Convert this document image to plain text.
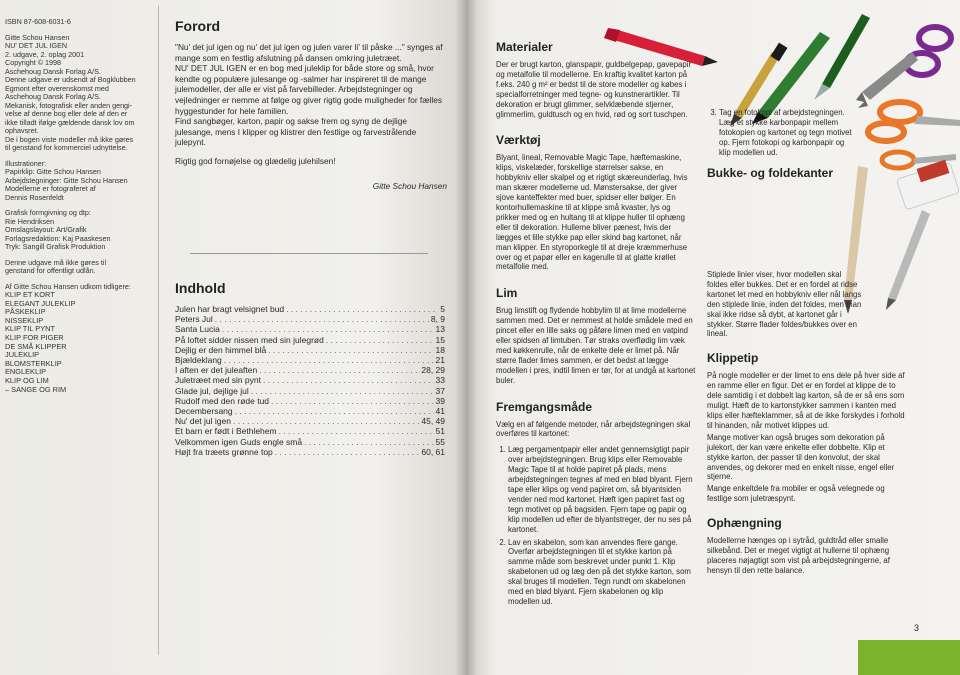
ISBN 87-608-6031-6

Gitte Schou Hansen
NU' DET JUL IGEN
2. udgave, 2. oplag 2001
Copyright © 1998
Aschehoug Dansk Forlag A/S.
Denne udgave er udsendt af Bogklubben
Egmont efter overenskomst med
Aschehoug Dansk Forlag A/S.
Mekanisk, fotografisk eller anden gengi-
velse af denne bog eller dele af den er
ikke tilladt ifølge gældende dansk lov om
ophavsret.
De i bogen viste modeller må ikke gøres
til genstand for kommerciel udnyttelse.

Illustrationer:
Papirklip: Gitte Schou Hansen
Arbejdstegninger: Gitte Schou Hansen
Modellerne er fotograferet af
Dennis Rosenfeldt

Grafisk formgivning og dtp:
Rie Hendriksen
Omslagslayout: Art/Grafik
Forlagsredaktion: Kaj Paaskesen
Tryk: Sangill Grafisk Produktion

Denne udgave må ikke gøres til
genstand for offentligt udlån.

Af Gitte Schou Hansen udkom tidligere:

KLIP ET KORT
ELEGANT JULEKLIP
PÅSKEKLIP
NISSEKLIP
KLIP TIL PYNT
KLIP FOR PIGER
DE SMÅ KLIPPER
JULEKLIP
BLOMSTERKLIP
ENGLEKLIP
KLIP OG LIM
– SANGE OG RIM

Forord

"Nu' det jul igen og nu' det jul igen og julen varer li' til påske ..." synges af mange som en festlig afslutning på dansen omkring juletræet.

NU' DET JUL IGEN er en bog med juleklip for både store og små, hvor kendte og populære julesange og -salmer har inspireret til de mange julemodeller, der alle er vist på farvebilleder. Arbejdstegninger og vejledninger er nemme at følge og giver rigtig gode muligheder for fælles hyggestunder for hele familien.

Find sangbøger, karton, papir og sakse frem og syng de dejlige julesange, mens I klipper og klistrer den festlige og farvestrålende julepynt.

Rigtig god fornøjelse og glædelig julehilsen!

Gitte Schou Hansen

Indhold
Julen har bragt velsignet bud . . .	5
Peters Jul . . .	8, 9
Santa Lucia . . .	13
På loftet sidder nissen med sin julegrød . . .	15
Dejlig er den himmel blå . . .	18
Bjældeklang . . .	21
I aften er det juleaften . . .	28, 29
Juletræet med sin pynt . . .	33
Glade jul, dejlige jul . . .	37
Rudolf med den røde tud . . .	39
Decembersang . . .	41
Nu' det jul igen . . .	45, 49
Et barn er født i Bethlehem . . .	51
Velkommen igen Guds engle små . . .	55
Højt fra træets grønne top . . .	60, 61
Materialer

Der er brugt karton, glanspapir, guldbelgepap, gavepapir og metalfolie til modellerne. En kraftig kvalitet karton på f.eks. 240 g m² er bedst til de store modeller og købes i specialforretninger med tegne- og kunstnerartikler. Til dekoration er brugt glimmer, selvklæbende stjerner, glimmerlim, guldtusch og en hvid, rød og sort tuschpen.

Værktøj

Blyant, lineal, Removable Magic Tape, hæftemaskine, klips, viskelæder, forskellige størrelser sakse, en hobbykniv eller skalpel og et rigtigt skæreunderlag, hvis man skærer modellerne ud. Mønstersakse, der giver sjove kanteffekter med buer, spidser eller bølger. En kontorhullemaskine til at klippe små kvaster, lys og prikker med og en hultang til at klippe huller til ophæng eller til dekoration. Hullerne bliver pænest, hvis der lægges et lille stykke pap eller skind bag kartonet, når man klipper. En styroporkegle til at dreje kræmmerhuse over og et papør eller en kagerulle til at glatte krøllet metalfolie med.

Lim

Brug limstift og flydende hobbylim til at lime modellerne sammen med. Det er nemmest at holde smådele med en pincet eller en lille saks og påføre limen med en vatpind eller spidsen af limtuben. Tør straks overflødig lim væk med køkkenrulle, når de enkelte dele er limet på. Når større flader limes sammen, er det bedst at lægge modellen i pres, indtil limen er tør, for at undgå at kartonet buler.

Fremgangsmåde

Vælg en af følgende metoder, når arbejdstegningen skal overføres til kartonet:

1. Læg pergamentpapir eller andet gennemsigtigt papir over arbejdstegningen. Brug klips eller Removable Magic Tape til at holde papiret på plads, mens arbejdstegningen tegnes af med en blød blyant. Fjern tape eller klips og vend papiret om, så blyantsiden vender ned mod kartonet. Hæft igen papiret fast og tegn motivet op på bagsiden. Fjern tape og papir og klip modellen ud efter de blyantstreger, der nu ses på kartonet.
2. Lav en skabelon, som kan anvendes flere gange. Overfør arbejdstegningen til et stykke karton på samme måde som beskrevet under punkt 1. Klip skabelonen ud og læg den på det stykke karton, som skal bruges til modellen. Tegn rundt om skabelonen med en blød blyant. Fjern skabelonen og klip modellen ud.
3. Tag en fotokopi af arbejdstegningen. Læg et stykke karbonpapir mellem fotokopien og kartonet og tegn motivet op. Fjern fotokopi og karbonpapir og klip modellen ud.
Bukke- og foldekanter

Stiplede linier viser, hvor modellen skal foldes eller bukkes. Det er en fordel at ridse kartonet let med en hobbykniv eller nål langs den stiplede linie, inden det foldes, men man skal ikke ridse så dybt, at kartonet går i stykker. Større flader foldes/bukkes over en lineal.

Klippetip

På nogle modeller er der limet to ens dele på hver side af en ramme eller en figur. Det er en fordel at klippe de to dele samtidig i et dobbelt lag karton, så de er så ens som muligt. Hæft de to kartonstykker sammen i kanten med klips eller hæfteklammer, så at de ikke forskydes i forhold til hinanden, når motivet klippes ud.

Mange motiver kan også bruges som dekoration på julekort, der kan være enkelte eller dobbelte. Klip et stykke karton, der passer til den konvolut, der skal anvendes, og dekorer med en enkelt nisse, engel eller stjerne.

Mange enkeltdele fra mobiler er også velegnede og festlige som juletræspynt.

Ophængning

Modellerne hænges op i sytråd, guldtråd eller smalle silkebånd. Det er meget vigtigt at hullerne til ophæng placeres nøjagtigt som vist på arbejdstegningerne, af hensyn til den rette balance.

3
